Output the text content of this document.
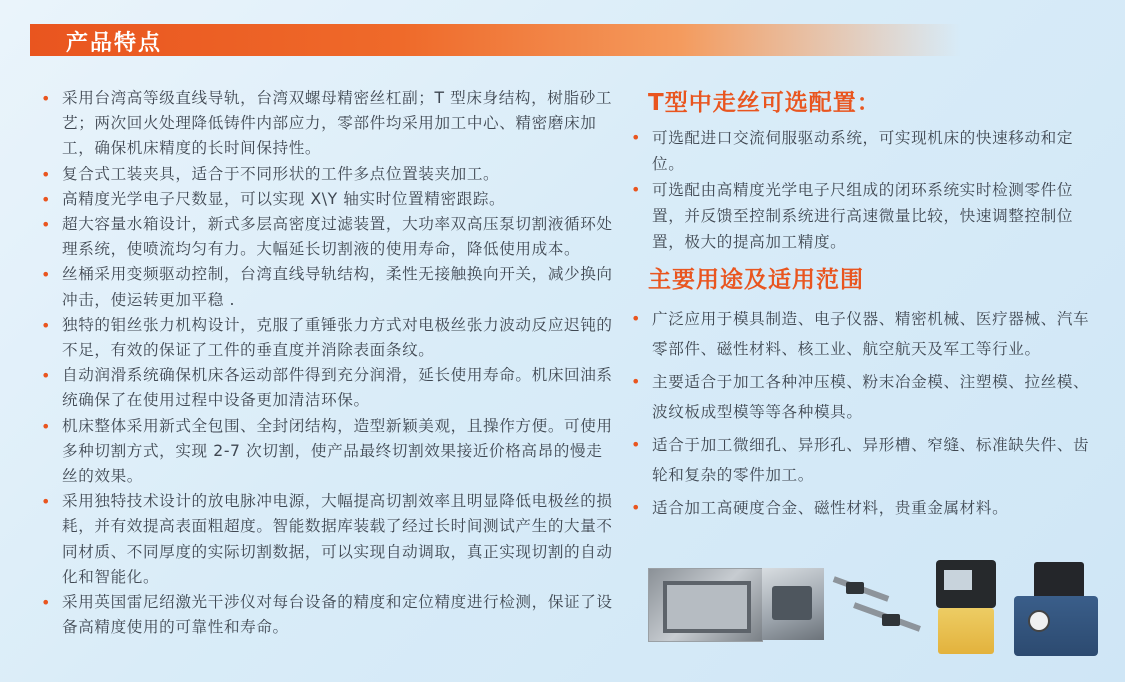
产品特点
• 采用台湾高等级直线导轨，台湾双螺母精密丝杠副；T 型床身结构，树脂砂工艺；两次回火处理降低铸件内部应力，零部件均采用加工中心、精密磨床加工，确保机床精度的长时间保持性。
• 复合式工装夹具，适合于不同形状的工件多点位置装夹加工。
• 高精度光学电子尺数显，可以实现 X\Y 轴实时位置精密跟踪。
• 超大容量水箱设计，新式多层高密度过滤装置，大功率双高压泵切割液循环处理系统，使喷流均匀有力。大幅延长切割液的使用寿命，降低使用成本。
• 丝桶采用变频驱动控制，台湾直线导轨结构，柔性无接触换向开关，减少换向冲击，使运转更加平稳 .
• 独特的钼丝张力机构设计，克服了重锤张力方式对电极丝张力波动反应迟钝的不足，有效的保证了工件的垂直度并消除表面条纹。
• 自动润滑系统确保机床各运动部件得到充分润滑，延长使用寿命。机床回油系统确保了在使用过程中设备更加清洁环保。
• 机床整体采用新式全包围、全封闭结构，造型新颖美观，且操作方便。可使用多种切割方式，实现 2-7 次切割，使产品最终切割效果接近价格高昂的慢走丝的效果。
• 采用独特技术设计的放电脉冲电源，大幅提高切割效率且明显降低电极丝的损耗，并有效提高表面粗超度。智能数据库装载了经过长时间测试产生的大量不同材质、不同厚度的实际切割数据，可以实现自动调取，真正实现切割的自动化和智能化。
• 采用英国雷尼绍激光干涉仪对每台设备的精度和定位精度进行检测，保证了设备高精度使用的可靠性和寿命。
T型中走丝可选配置：
• 可选配进口交流伺服驱动系统，可实现机床的快速移动和定位。
• 可选配由高精度光学电子尺组成的闭环系统实时检测零件位置，并反馈至控制系统进行高速微量比较，快速调整控制位置，极大的提高加工精度。
主要用途及适用范围
• 广泛应用于模具制造、电子仪器、精密机械、医疗器械、汽车零部件、磁性材料、核工业、航空航天及军工等行业。
• 主要适合于加工各种冲压模、粉末冶金模、注塑模、拉丝模、波纹板成型模等等各种模具。
• 适合于加工微细孔、异形孔、异形槽、窄缝、标准缺失件、齿轮和复杂的零件加工。
• 适合加工高硬度合金、磁性材料，贵重金属材料。
